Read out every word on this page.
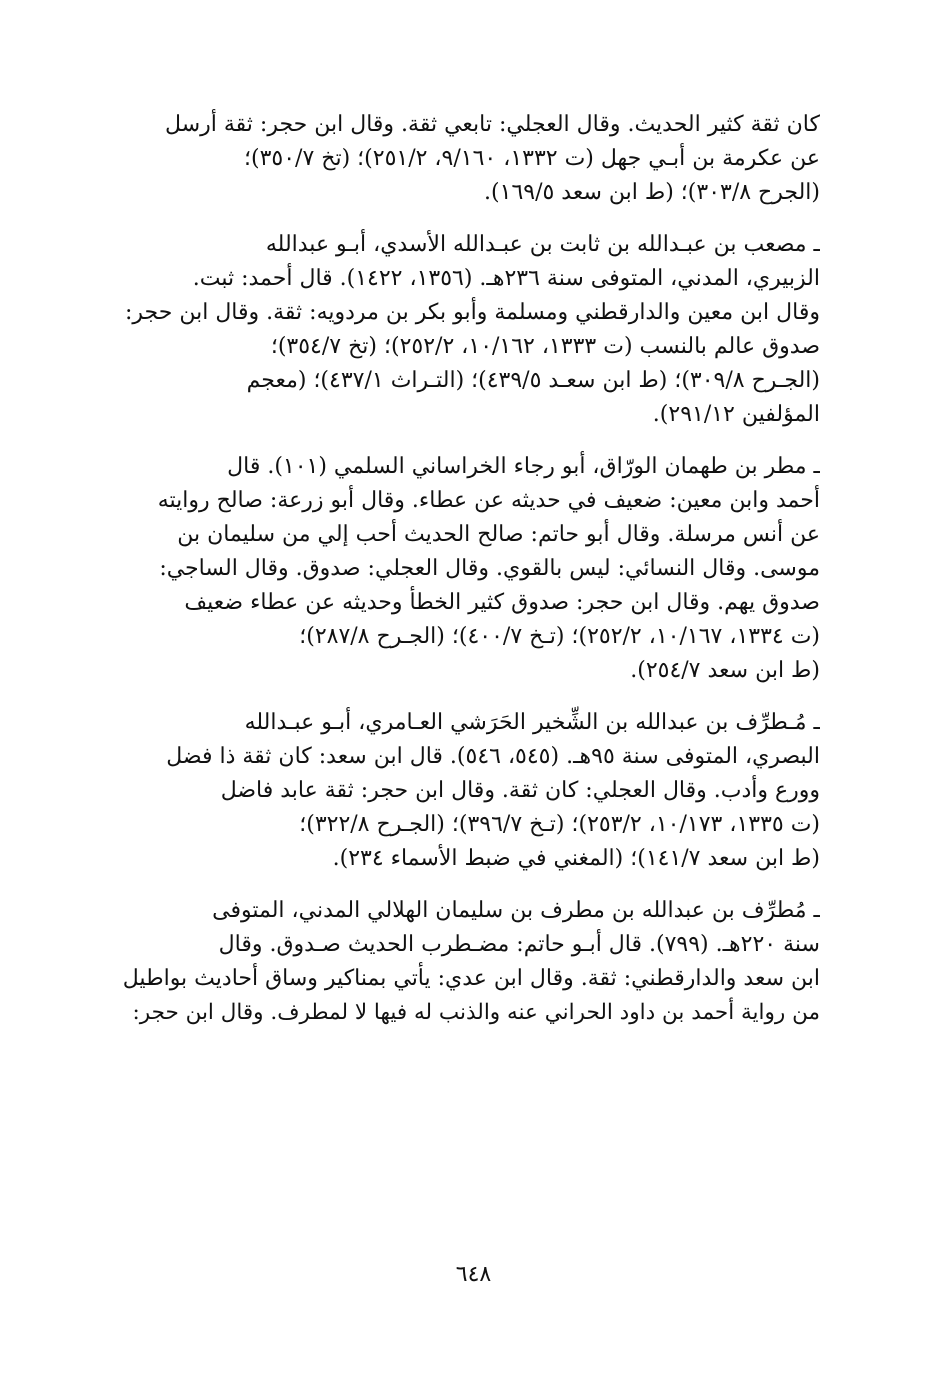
كان ثقة كثير الحديث. وقال العجلي: تابعي ثقة. وقال ابن حجر: ثقة أرسل
عن عكرمة بن أبـي جهل (ت ١٣٣٢، ٩/١٦٠، ٢٥١/٢)؛ (تخ ٣٥٠/٧)؛
(الجرح ٣٠٣/٨)؛ (ط ابن سعد ١٦٩/٥).
ـ مصعب بن عبـدالله بن ثابت بن عبـدالله الأسدي، أبـو عبدالله
الزبيري، المدني، المتوفى سنة ٢٣٦هـ. (١٣٥٦، ١٤٢٢). قال أحمد: ثبت.
وقال ابن معين والدارقطني ومسلمة وأبو بكر بن مردويه: ثقة. وقال ابن حجر:
صدوق عالم بالنسب (ت ١٣٣٣، ١٠/١٦٢، ٢٥٢/٢)؛ (تخ ٣٥٤/٧)؛
(الجـرح ٣٠٩/٨)؛ (ط ابن سعـد ٤٣٩/٥)؛ (التـراث ٤٣٧/١)؛ (معجم
المؤلفين ٢٩١/١٢).
ـ مطر بن طهمان الورّاق، أبو رجاء الخراساني السلمي (١٠١). قال
أحمد وابن معين: ضعيف في حديثه عن عطاء. وقال أبو زرعة: صالح روايته
عن أنس مرسلة. وقال أبو حاتم: صالح الحديث أحب إلي من سليمان بن
موسى. وقال النسائي: ليس بالقوي. وقال العجلي: صدوق. وقال الساجي:
صدوق يهم. وقال ابن حجر: صدوق كثير الخطأ وحديثه عن عطاء ضعيف
(ت ١٣٣٤، ١٠/١٦٧، ٢٥٢/٢)؛ (تـخ ٤٠٠/٧)؛ (الجـرح ٢٨٧/٨)؛
(ط ابن سعد ٢٥٤/٧).
ـ مُـطرِّف بن عبدالله بن الشِّخير الحَرَشي العـامري، أبـو عبـدالله
البصري، المتوفى سنة ٩٥هـ. (٥٤٥، ٥٤٦). قال ابن سعد: كان ثقة ذا فضل
وورع وأدب. وقال العجلي: كان ثقة. وقال ابن حجر: ثقة عابد فاضل
(ت ١٣٣٥، ١٠/١٧٣، ٢٥٣/٢)؛ (تـخ ٣٩٦/٧)؛ (الجـرح ٣٢٢/٨)؛
(ط ابن سعد ١٤١/٧)؛ (المغني في ضبط الأسماء ٢٣٤).
ـ مُطرِّف بن عبدالله بن مطرف بن سليمان الهلالي المدني، المتوفى
سنة ٢٢٠هـ. (٧٩٩). قال أبـو حاتم: مضـطرب الحديث صـدوق. وقال
ابن سعد والدارقطني: ثقة. وقال ابن عدي: يأتي بمناكير وساق أحاديث بواطيل
من رواية أحمد بن داود الحراني عنه والذنب له فيها لا لمطرف. وقال ابن حجر:
٦٤٨
